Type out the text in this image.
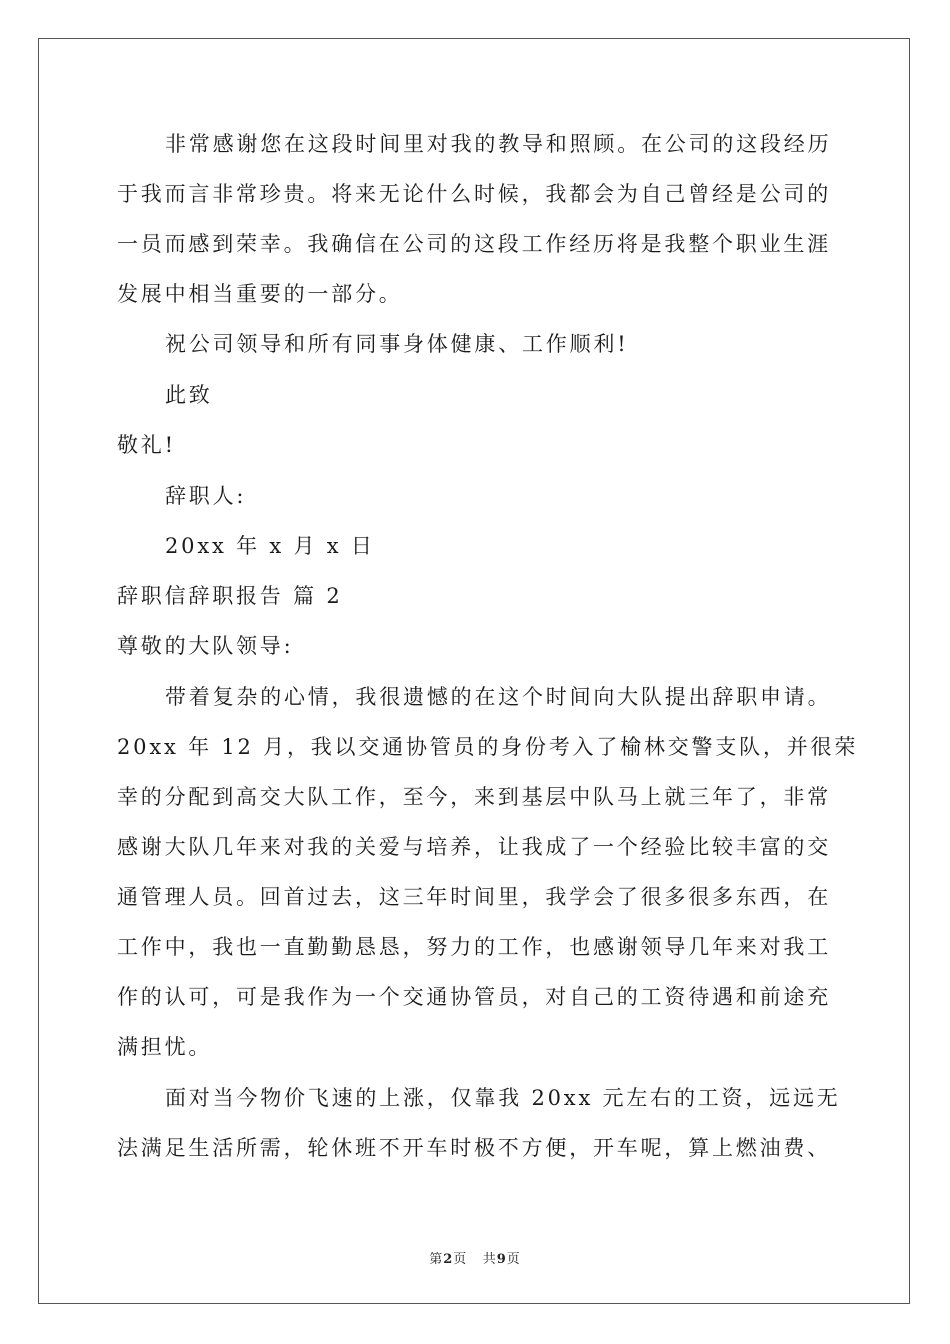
非常感谢您在这段时间里对我的教导和照顾。在公司的这段经历
于我而言非常珍贵。将来无论什么时候，我都会为自己曾经是公司的
一员而感到荣幸。我确信在公司的这段工作经历将是我整个职业生涯
发展中相当重要的一部分。
祝公司领导和所有同事身体健康、工作顺利!
此致
敬礼!
辞职人:
20xx 年 x 月 x 日
辞职信辞职报告 篇 2
尊敬的大队领导:
带着复杂的心情，我很遗憾的在这个时间向大队提出辞职申请。
20xx 年 12 月，我以交通协管员的身份考入了榆林交警支队，并很荣
幸的分配到高交大队工作，至今，来到基层中队马上就三年了，非常
感谢大队几年来对我的关爱与培养，让我成了一个经验比较丰富的交
通管理人员。回首过去，这三年时间里，我学会了很多很多东西，在
工作中，我也一直勤勤恳恳，努力的工作，也感谢领导几年来对我工
作的认可，可是我作为一个交通协管员，对自己的工资待遇和前途充
满担忧。
面对当今物价飞速的上涨，仅靠我 20xx 元左右的工资，远远无
法满足生活所需，轮休班不开车时极不方便，开车呢，算上燃油费、
第2页 共9页
